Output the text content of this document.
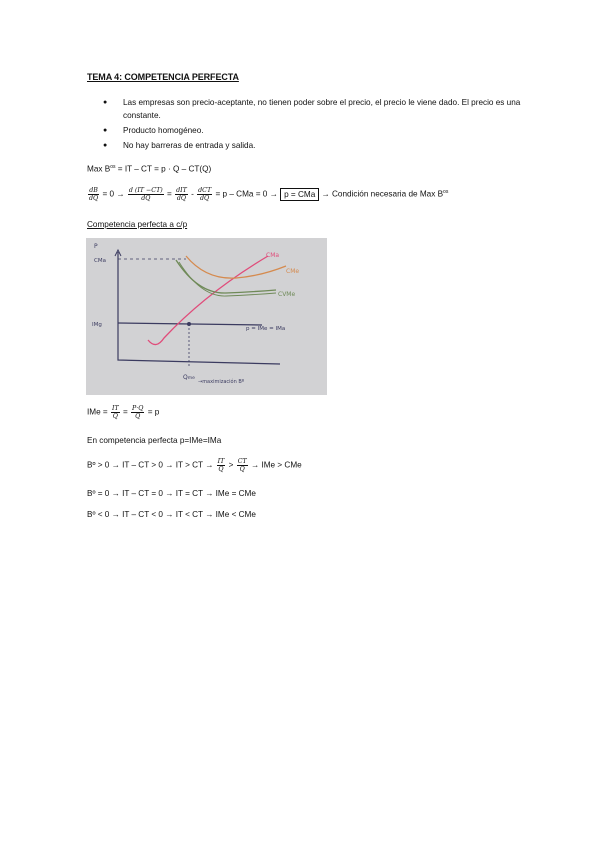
TEMA 4: COMPETENCIA PERFECTA
● Las empresas son precio-aceptante, no tienen poder sobre el precio, el precio le viene dado. El precio es una constante.
● Producto homogéneo.
● No hay barreras de entrada y salida.
Max $B^{os}$ = IT – CT = p · Q – CT(Q)
$\frac{dB}{dQ} = 0 \to \frac{d (IT -CT)}{dQ} = \frac{\text{dIT}}{dQ} - \frac{\text{dCT}}{dQ} = p$ – CMa = 0 → p = CMa → Condición necesaria de Max $B^{os}$
Competencia perfecta a c/p
P
CMa
IMg
CMa
CMe
CVMe
p = IMe = IMa
Qme
→maximización Bº
IMe = $\frac{IT}{Q} = \frac{P\cdot Q}{Q} = p$
En competencia perfecta p=IMe=IMa
Bº > 0 → IT – CT > 0 → IT > CT → $\frac{IT}{Q} > \frac{CT}{Q}$ → IMe > CMe
Bº = 0 → IT – CT = 0 → IT = CT → IMe = CMe
Bº < 0 → IT – CT < 0 → IT < CT → IMe < CMe
